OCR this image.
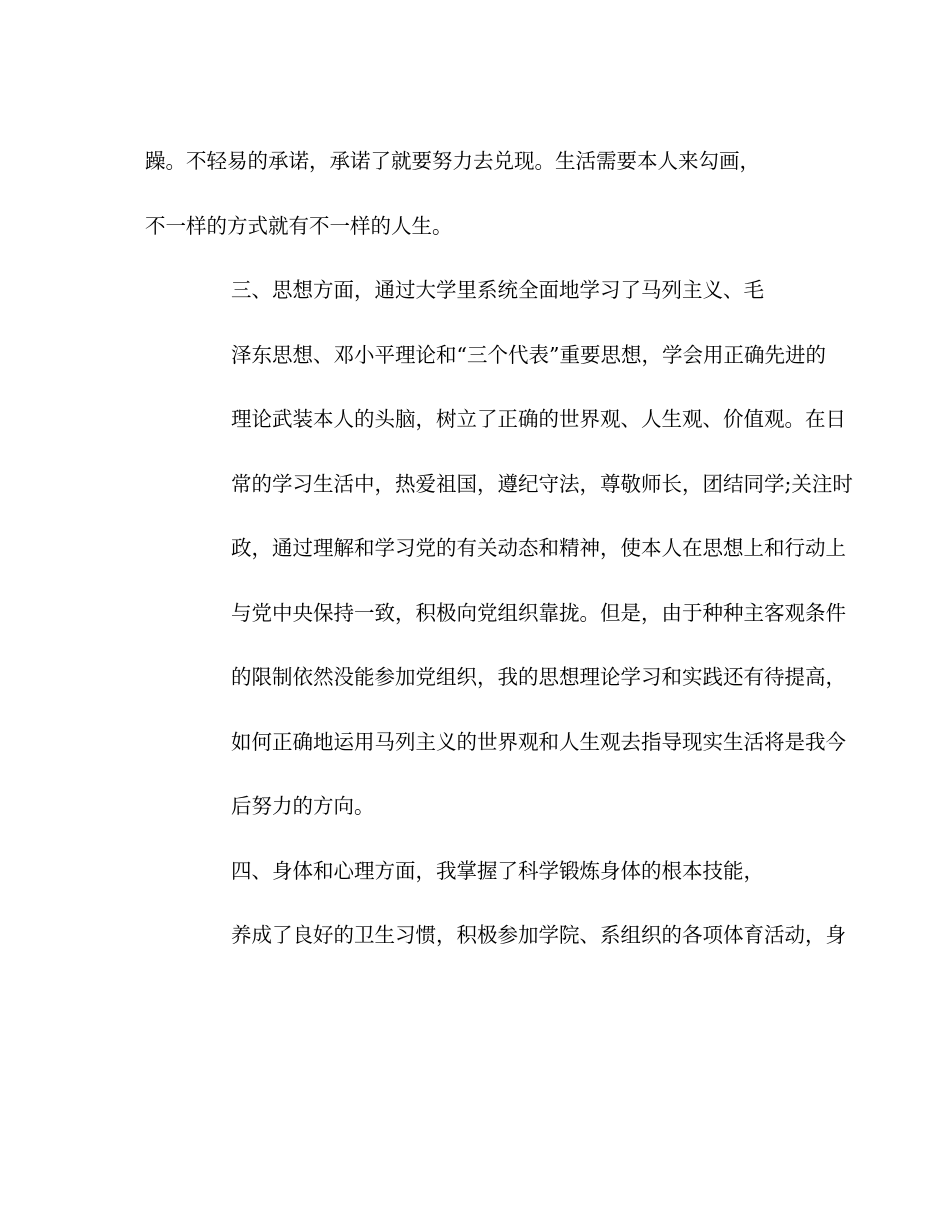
躁。不轻易的承诺，承诺了就要努力去兑现。生活需要本人来勾画，
不一样的方式就有不一样的人生。

三、思想方面，通过大学里系统全面地学习了马列主义、毛
泽东思想、邓小平理论和“三个代表”重要思想，学会用正确先进的
理论武装本人的头脑，树立了正确的世界观、人生观、价值观。在日
常的学习生活中，热爱祖国，遵纪守法，尊敬师长，团结同学;关注时
政，通过理解和学习党的有关动态和精神，使本人在思想上和行动上
与党中央保持一致，积极向党组织靠拢。但是，由于种种主客观条件
的限制依然没能参加党组织，我的思想理论学习和实践还有待提高，
如何正确地运用马列主义的世界观和人生观去指导现实生活将是我今
后努力的方向。

四、身体和心理方面，我掌握了科学锻炼身体的根本技能，
养成了良好的卫生习惯，积极参加学院、系组织的各项体育活动，身
